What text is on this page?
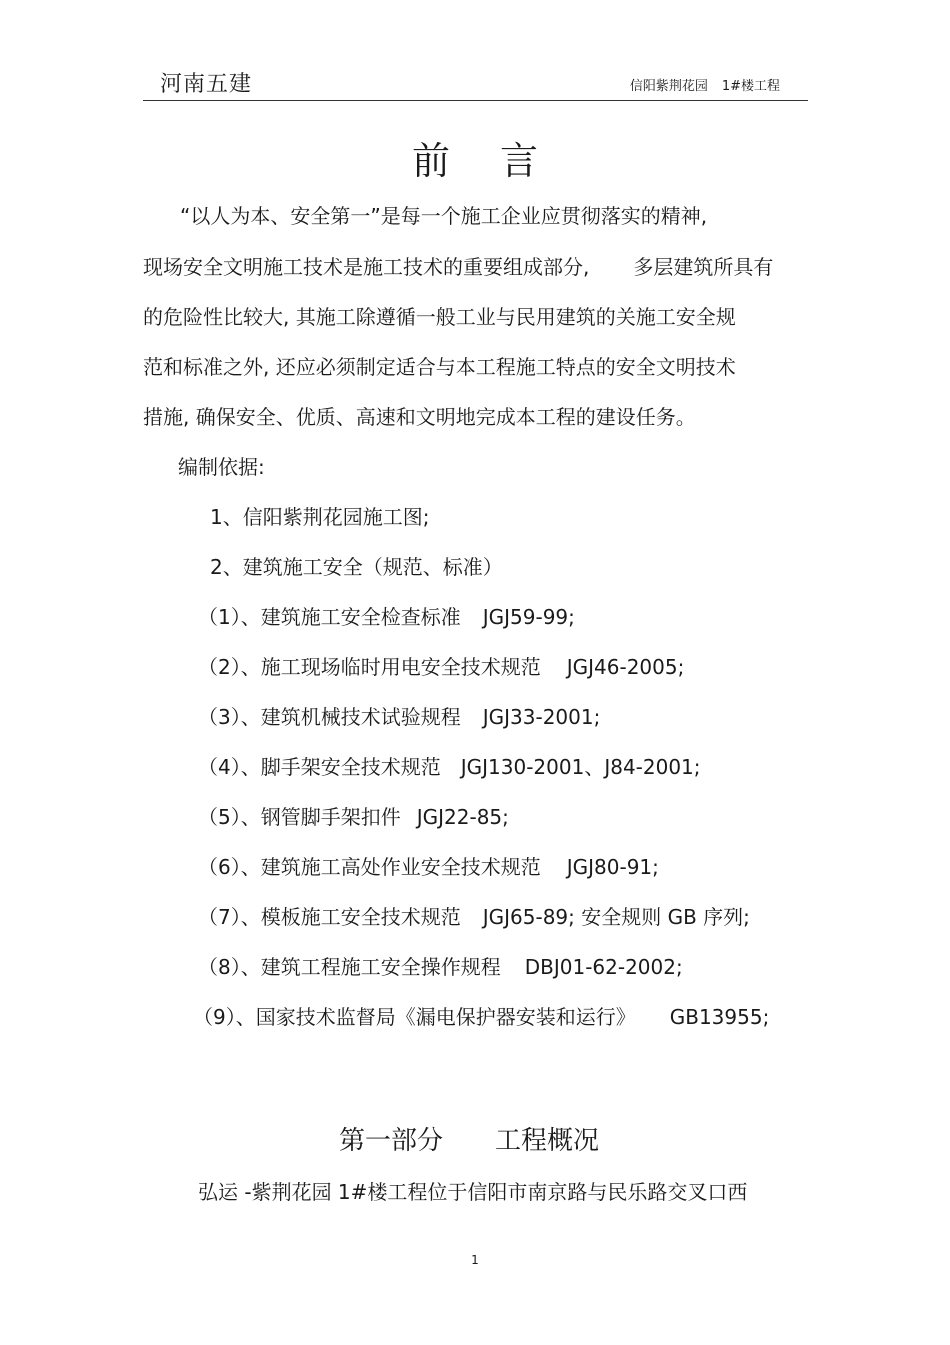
河南五建	信阳紫荆花园 1#楼工程
前 言
“以人为本、安全第一”是每一个施工企业应贯彻落实的精神,
现场安全文明施工技术是施工技术的重要组成部分, 多层建筑所具有
的危险性比较大, 其施工除遵循一般工业与民用建筑的关施工安全规
范和标准之外, 还应必须制定适合与本工程施工特点的安全文明技术
措施, 确保安全、优质、高速和文明地完成本工程的建设任务。
编制依据:
1、信阳紫荆花园施工图;
2、建筑施工安全（规范、标准）
（1）、建筑施工安全检查标准 JGJ59-99;
（2）、施工现场临时用电安全技术规范 JGJ46-2005;
（3）、建筑机械技术试验规程 JGJ33-2001;
（4）、脚手架安全技术规范 JGJ130-2001、J84-2001;
（5）、钢管脚手架扣件 JGJ22-85;
（6）、建筑施工高处作业安全技术规范 JGJ80-91;
（7）、模板施工安全技术规范 JGJ65-89; 安全规则 GB 序列;
（8）、建筑工程施工安全操作规程 DBJ01-62-2002;
（9）、国家技术监督局《漏电保护器安装和运行》 GB13955;
第一部分 工程概况
弘运 -紫荆花园 1#楼工程位于信阳市南京路与民乐路交叉口西
1
